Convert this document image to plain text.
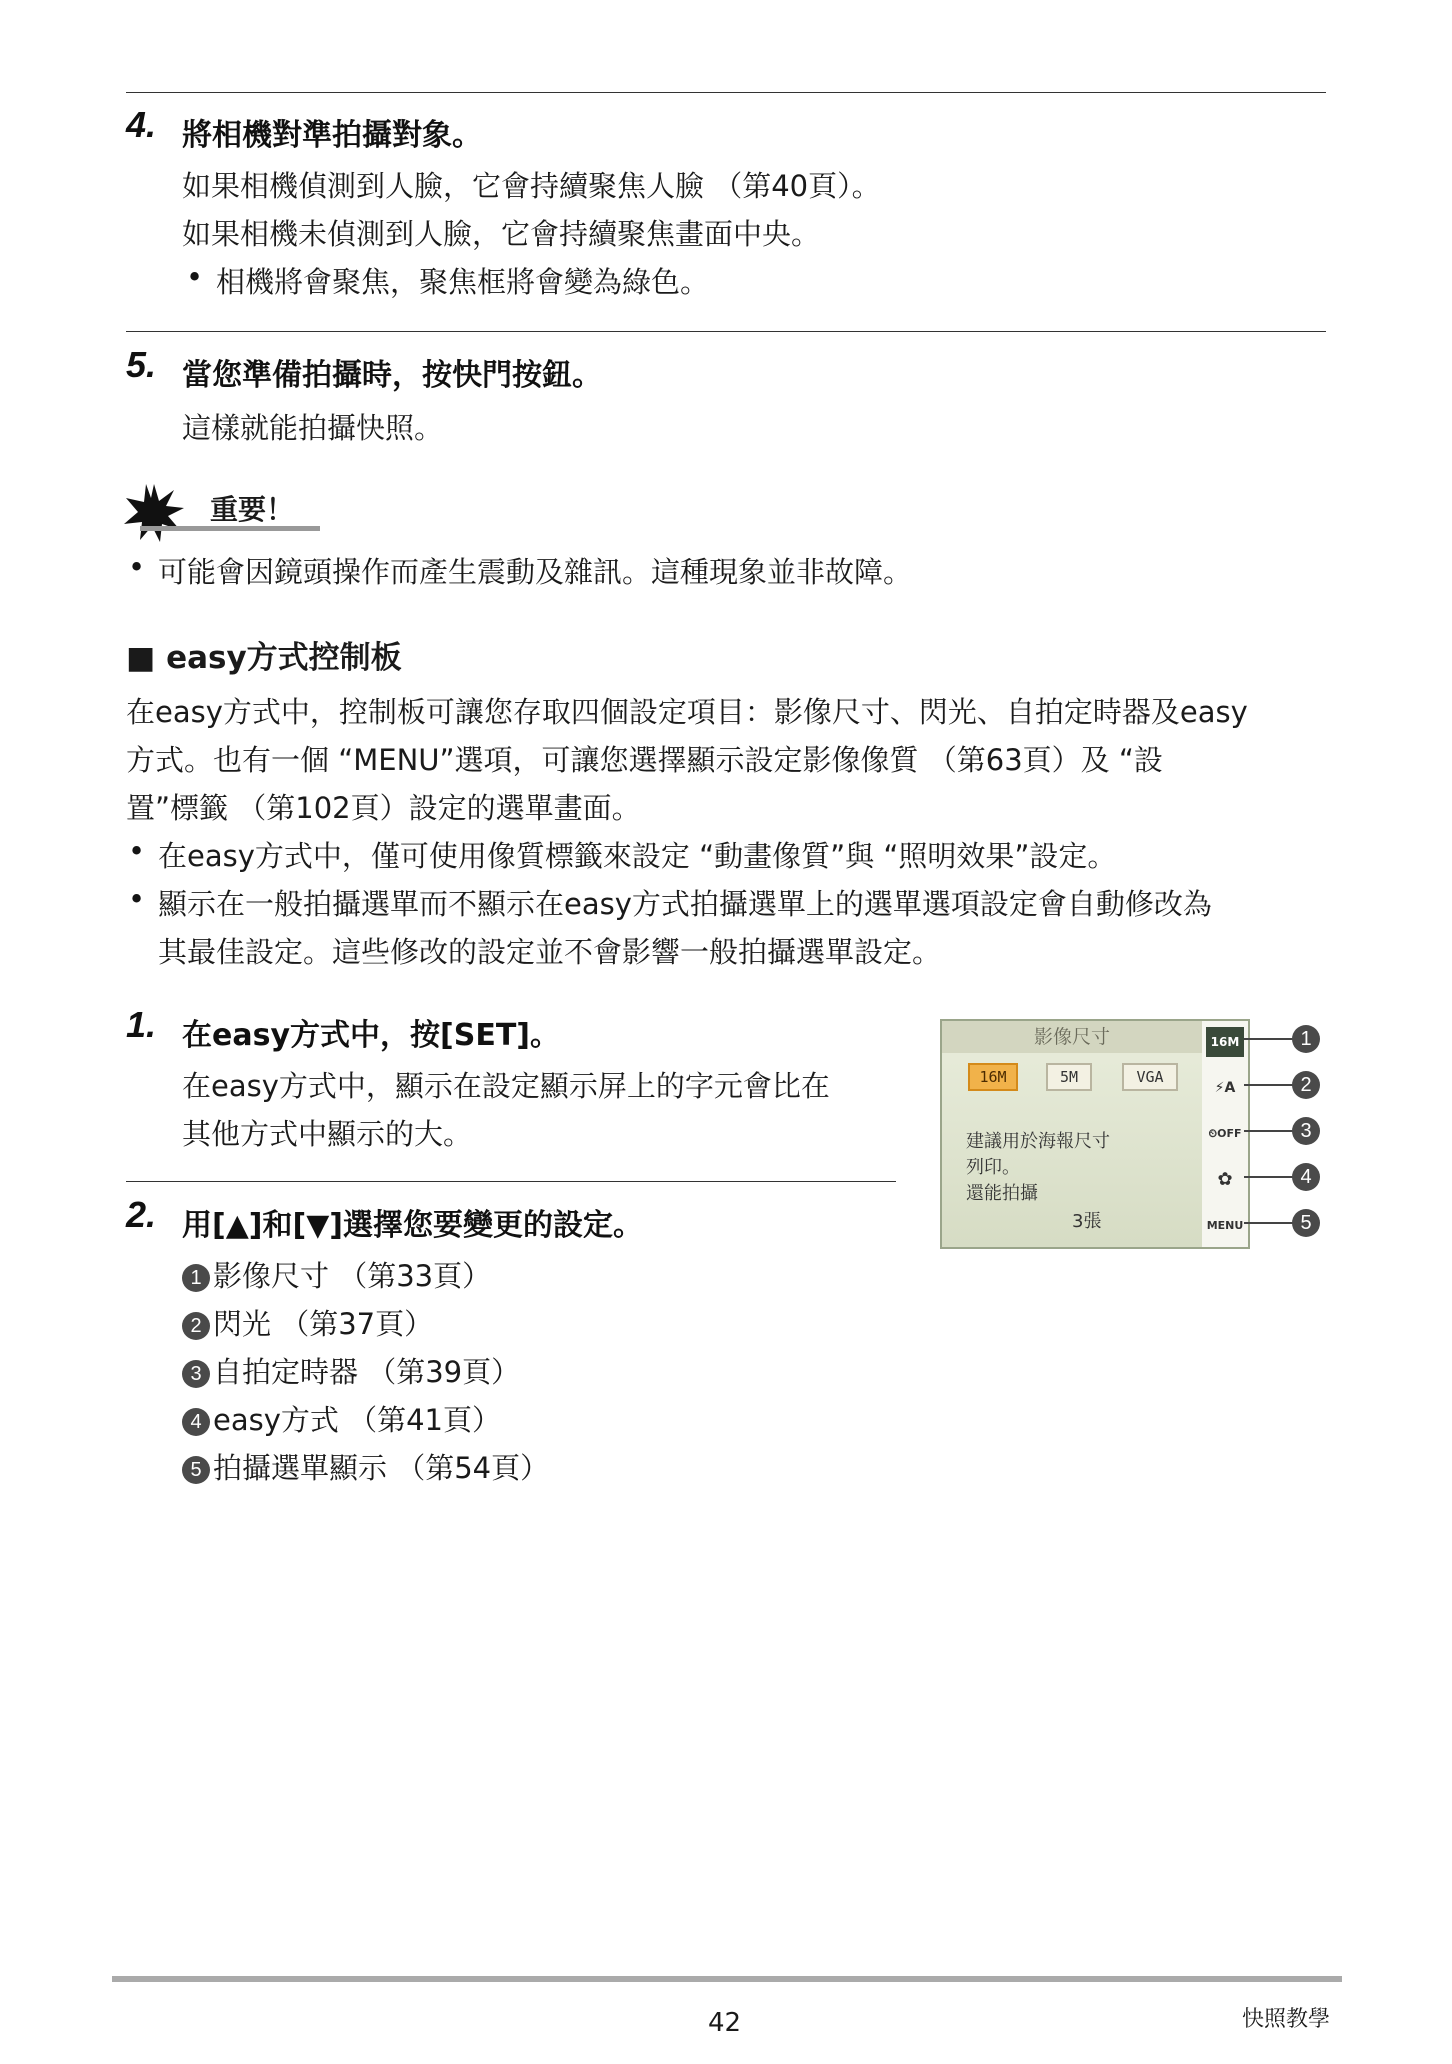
4. 將相機對準拍攝對象。
如果相機偵測到人臉，它會持續聚焦人臉 （第40頁）。
如果相機未偵測到人臉，它會持續聚焦畫面中央。
• 相機將會聚焦，聚焦框將會變為綠色。
5. 當您準備拍攝時，按快門按鈕。
這樣就能拍攝快照。
重要！
• 可能會因鏡頭操作而產生震動及雜訊。這種現象並非故障。
■ easy方式控制板
在easy方式中，控制板可讓您存取四個設定項目：影像尺寸、閃光、自拍定時器及easy
方式。也有一個 “MENU”選項，可讓您選擇顯示設定影像像質 （第63頁）及 “設
置”標籤 （第102頁）設定的選單畫面。
• 在easy方式中，僅可使用像質標籤來設定 “動畫像質”與 “照明效果”設定。
• 顯示在一般拍攝選單而不顯示在easy方式拍攝選單上的選單選項設定會自動修改為
其最佳設定。這些修改的設定並不會影響一般拍攝選單設定。
1. 在easy方式中，按[SET]。
在easy方式中，顯示在設定顯示屏上的字元會比在
其他方式中顯示的大。
2. 用[▲]和[▼]選擇您要變更的設定。
1 影像尺寸 （第33頁）
2 閃光 （第37頁）
3 自拍定時器 （第39頁）
4 easy方式 （第41頁）
5 拍攝選單顯示 （第54頁）
影像尺寸
16M	5M	VGA
建議用於海報尺寸
列印。
還能拍攝
3張
16M
⚡A
⏲OFF
✿
MENU
1
2
3
4
5
42	快照教學
